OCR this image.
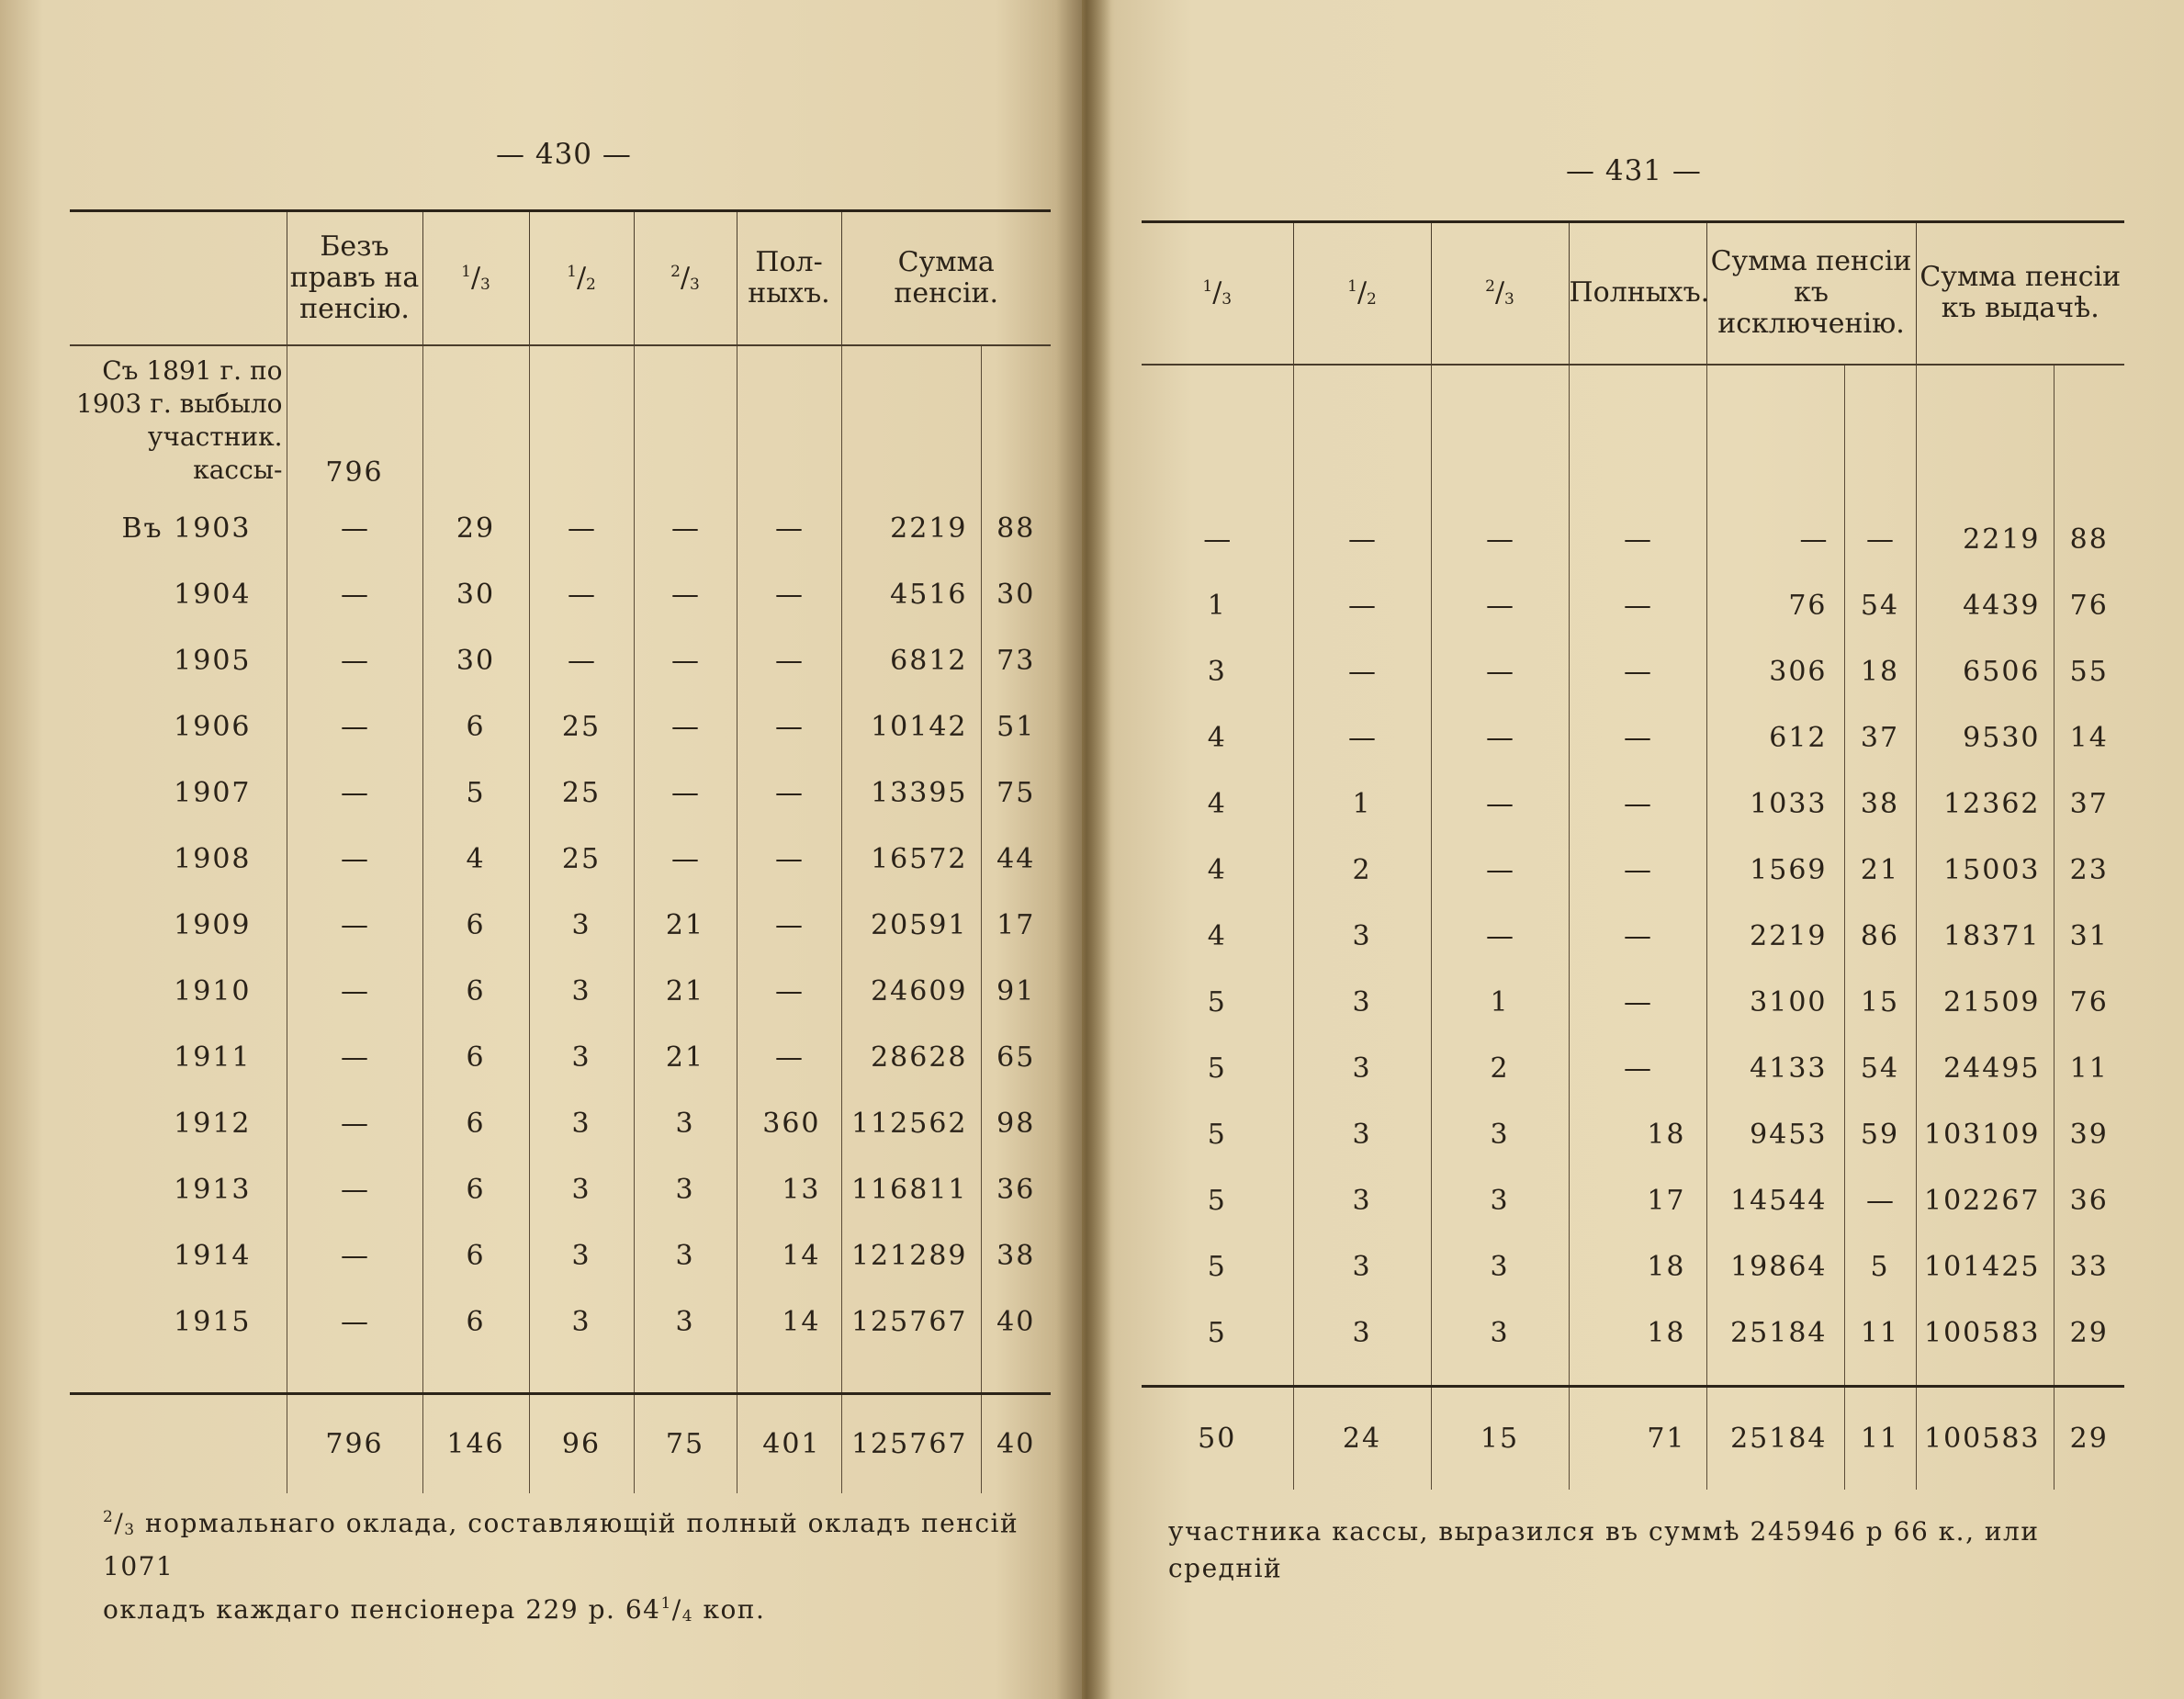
— 430 —
	Безъ правъ на пенсію.	$^1/_3$	$^1/_2$	$^2/_3$	Пол-
ныхъ.	Сумма пенсіи.	
Съ 1891 г. по 1903 г. выбыло участник. кассы-	796						
Въ 1903	—	29	—	—	—	2219	88
1904	—	30	—	—	—	4516	30
1905	—	30	—	—	—	6812	73
1906	—	6	25	—	—	10142	51
1907	—	5	25	—	—	13395	75
1908	—	4	25	—	—	16572	44
1909	—	6	3	21	—	20591	17
1910	—	6	3	21	—	24609	91
1911	—	6	3	21	—	28628	65
1912	—	6	3	3	360	112562	98
1913	—	6	3	3	13	116811	36
1914	—	6	3	3	14	121289	38
1915	—	6	3	3	14	125767	40

	796	146	96	75	401	125767	40
$^2/_3$ нормальнаго оклада, составляющій полный окладъ пенсій 1071
окладъ каждаго пенсіонера 229 р. $64^1/_4$ коп.
— 431 —
$^1/_3$	$^1/_2$	$^2/_3$	Полныхъ.	Сумма пенсіи къ исключенію.		Сумма пенсіи къ выдачѣ.	

—	—	—	—	—	—	2219	88
1	—	—	—	76	54	4439	76
3	—	—	—	306	18	6506	55
4	—	—	—	612	37	9530	14
4	1	—	—	1033	38	12362	37
4	2	—	—	1569	21	15003	23
4	3	—	—	2219	86	18371	31
5	3	1	—	3100	15	21509	76
5	3	2	—	4133	54	24495	11
5	3	3	18	9453	59	103109	39
5	3	3	17	14544	—	102267	36
5	3	3	18	19864	5	101425	33
5	3	3	18	25184	11	100583	29

50	24	15	71	25184	11	100583	29
участника кассы, выразился въ суммѣ 245946 р 66 к., или средній
